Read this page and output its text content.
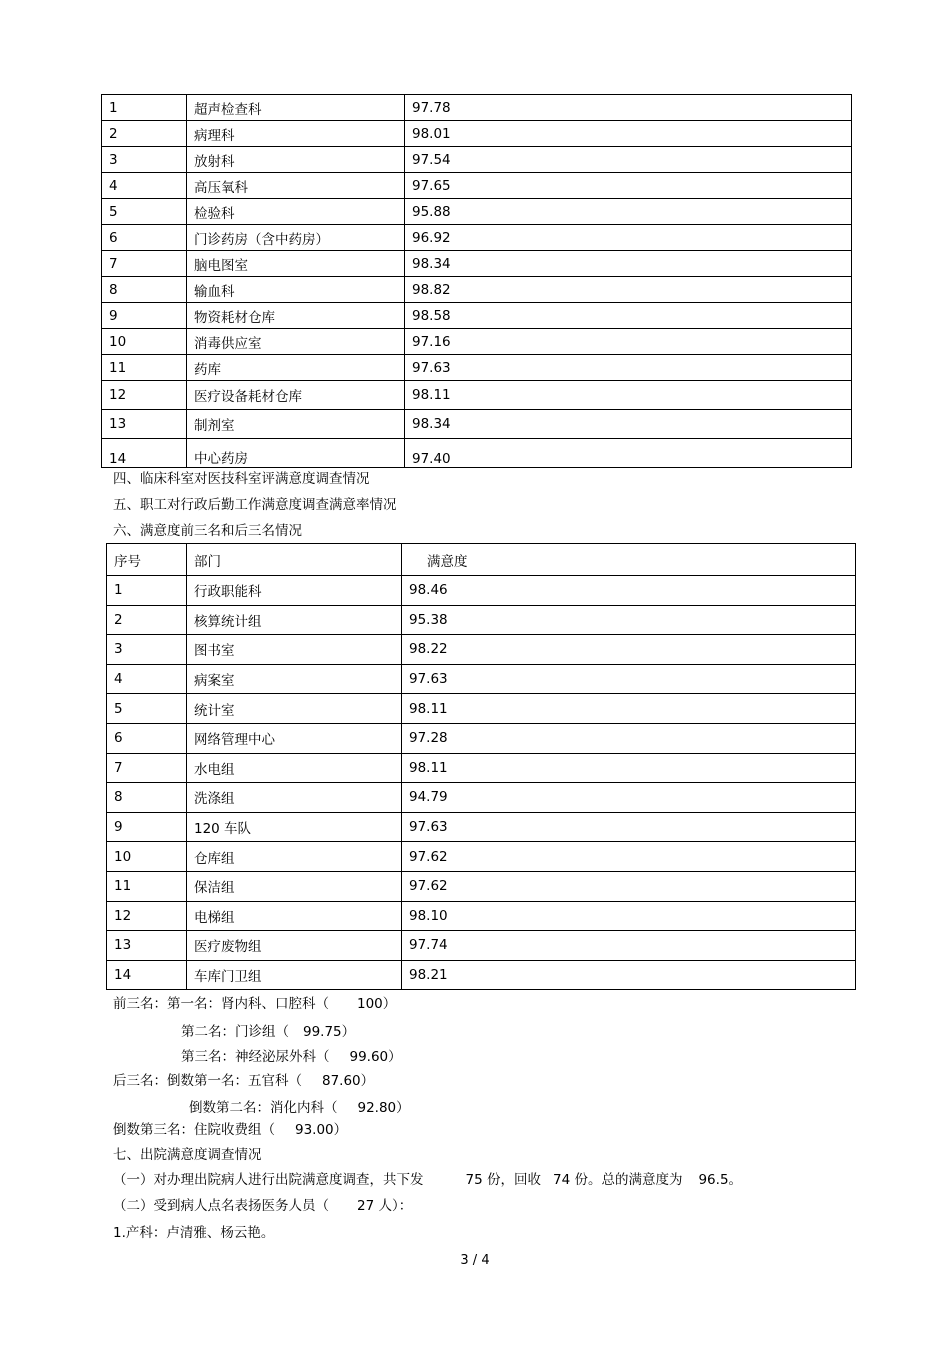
1	超声检查科	97.78
2	病理科	98.01
3	放射科	97.54
4	高压氧科	97.65
5	检验科	95.88
6	门诊药房（含中药房）	96.92
7	脑电图室	98.34
8	输血科	98.82
9	物资耗材仓库	98.58
10	消毒供应室	97.16
11	药库	97.63
12	医疗设备耗材仓库	98.11
13	制剂室	98.34
14	中心药房	97.40
四、临床科室对医技科室评满意度调查情况
五、职工对行政后勤工作满意度调查满意率情况
六、满意度前三名和后三名情况
序号	部门	满意度
1	行政职能科	98.46
2	核算统计组	95.38
3	图书室	98.22
4	病案室	97.63
5	统计室	98.11
6	网络管理中心	97.28
7	水电组	98.11
8	洗涤组	94.79
9	120 车队	97.63
10	仓库组	97.62
11	保洁组	97.62
12	电梯组	98.10
13	医疗废物组	97.74
14	车库门卫组	98.21
前三名：第一名：肾内科、口腔科（ 100）
第二名：门诊组（ 99.75）
第三名：神经泌尿外科（ 99.60）
后三名：倒数第一名：五官科（ 87.60）
倒数第二名：消化内科（ 92.80）
倒数第三名：住院收费组（ 93.00）
七、出院满意度调查情况
（一）对办理出院病人进行出院满意度调查，共下发	75 份，回收 74 份。总的满意度为 96.5。
（二）受到病人点名表扬医务人员（ 27 人）：
1.产科：卢清雅、杨云艳。
3 / 4
